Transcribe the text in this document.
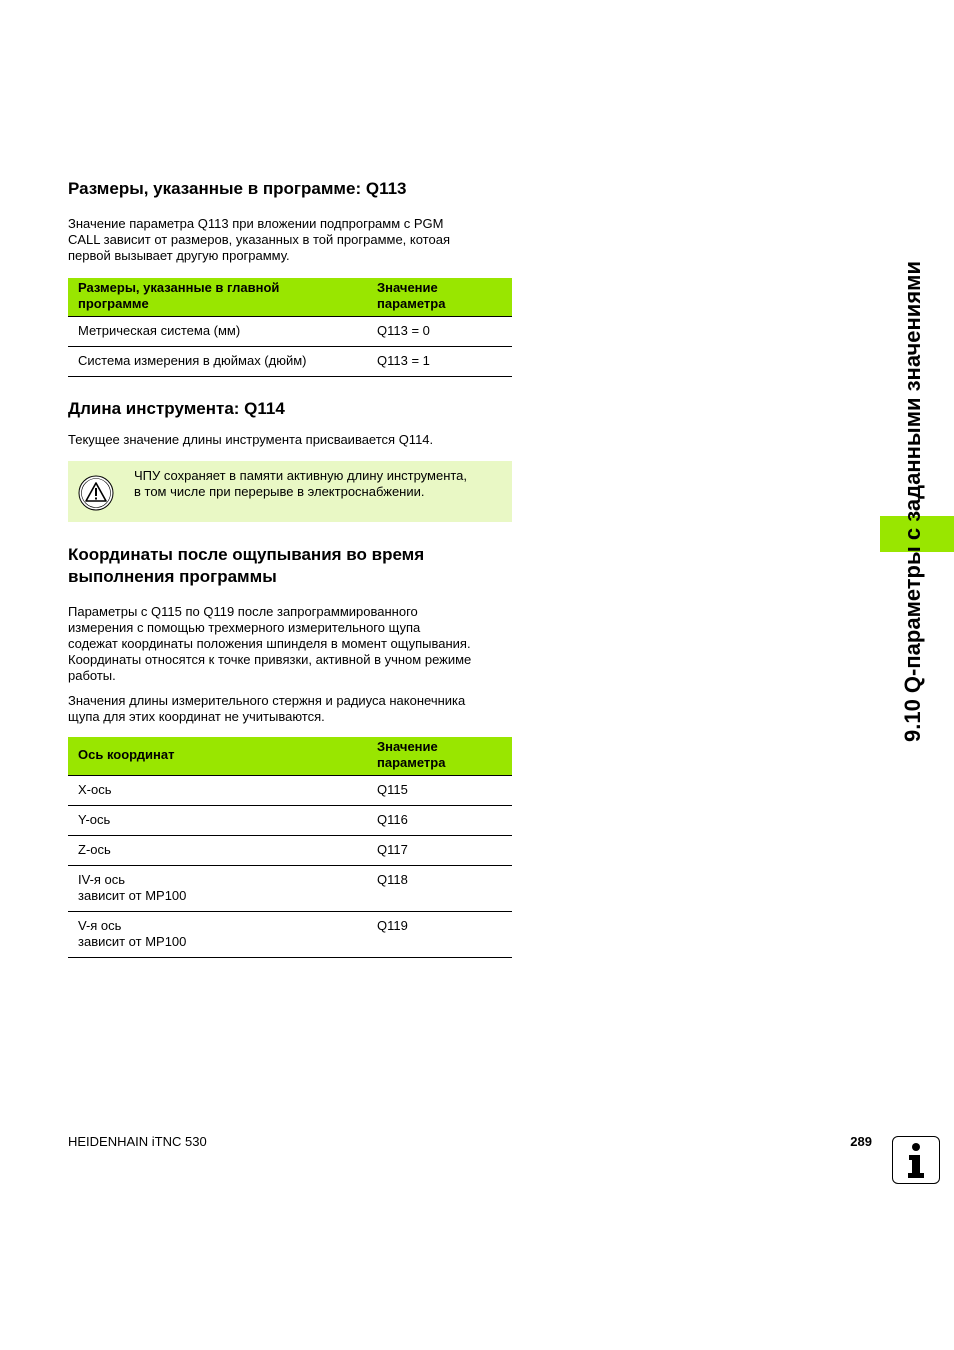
9.10 Q-параметры с заданными значениями
Размеры, указанные в программе: Q113

Значение параметра Q113 при вложении подпрограмм с PGM
CALL зависит от размеров, указанных в той программе, котоая
первой вызывает другую программу.

Размеры, указанные в главной
программе	Значение
параметра
Метрическая система (мм)	Q113 = 0
Система измерения в дюймах (дюйм)	Q113 = 1
Длина инструмента: Q114

Текущее значение длины инструмента присваивается Q114.

ЧПУ сохраняет в памяти активную длину инструмента,
в том числе при перерыве в электроснабжении.
Координаты после ощупывания во время
выполнения программы

Параметры с Q115 по Q119 после запрограммированного
измерения с помощью трехмерного измерительного щупа
содежат координаты положения шпинделя в момент ощупывания.
Координаты относятся к точке привязки, активной в учном режиме
работы.

Значения длины измерительного стержня и радиуса наконечника
щупа для этих координат не учитываются.

Ось координат	Значение
параметра
X-ось	Q115
Y-ось	Q116
Z-ось	Q117
IV-я ось
зависит от MP100	Q118
V-я ось
зависит от MP100	Q119
HEIDENHAIN iTNC 530	289
